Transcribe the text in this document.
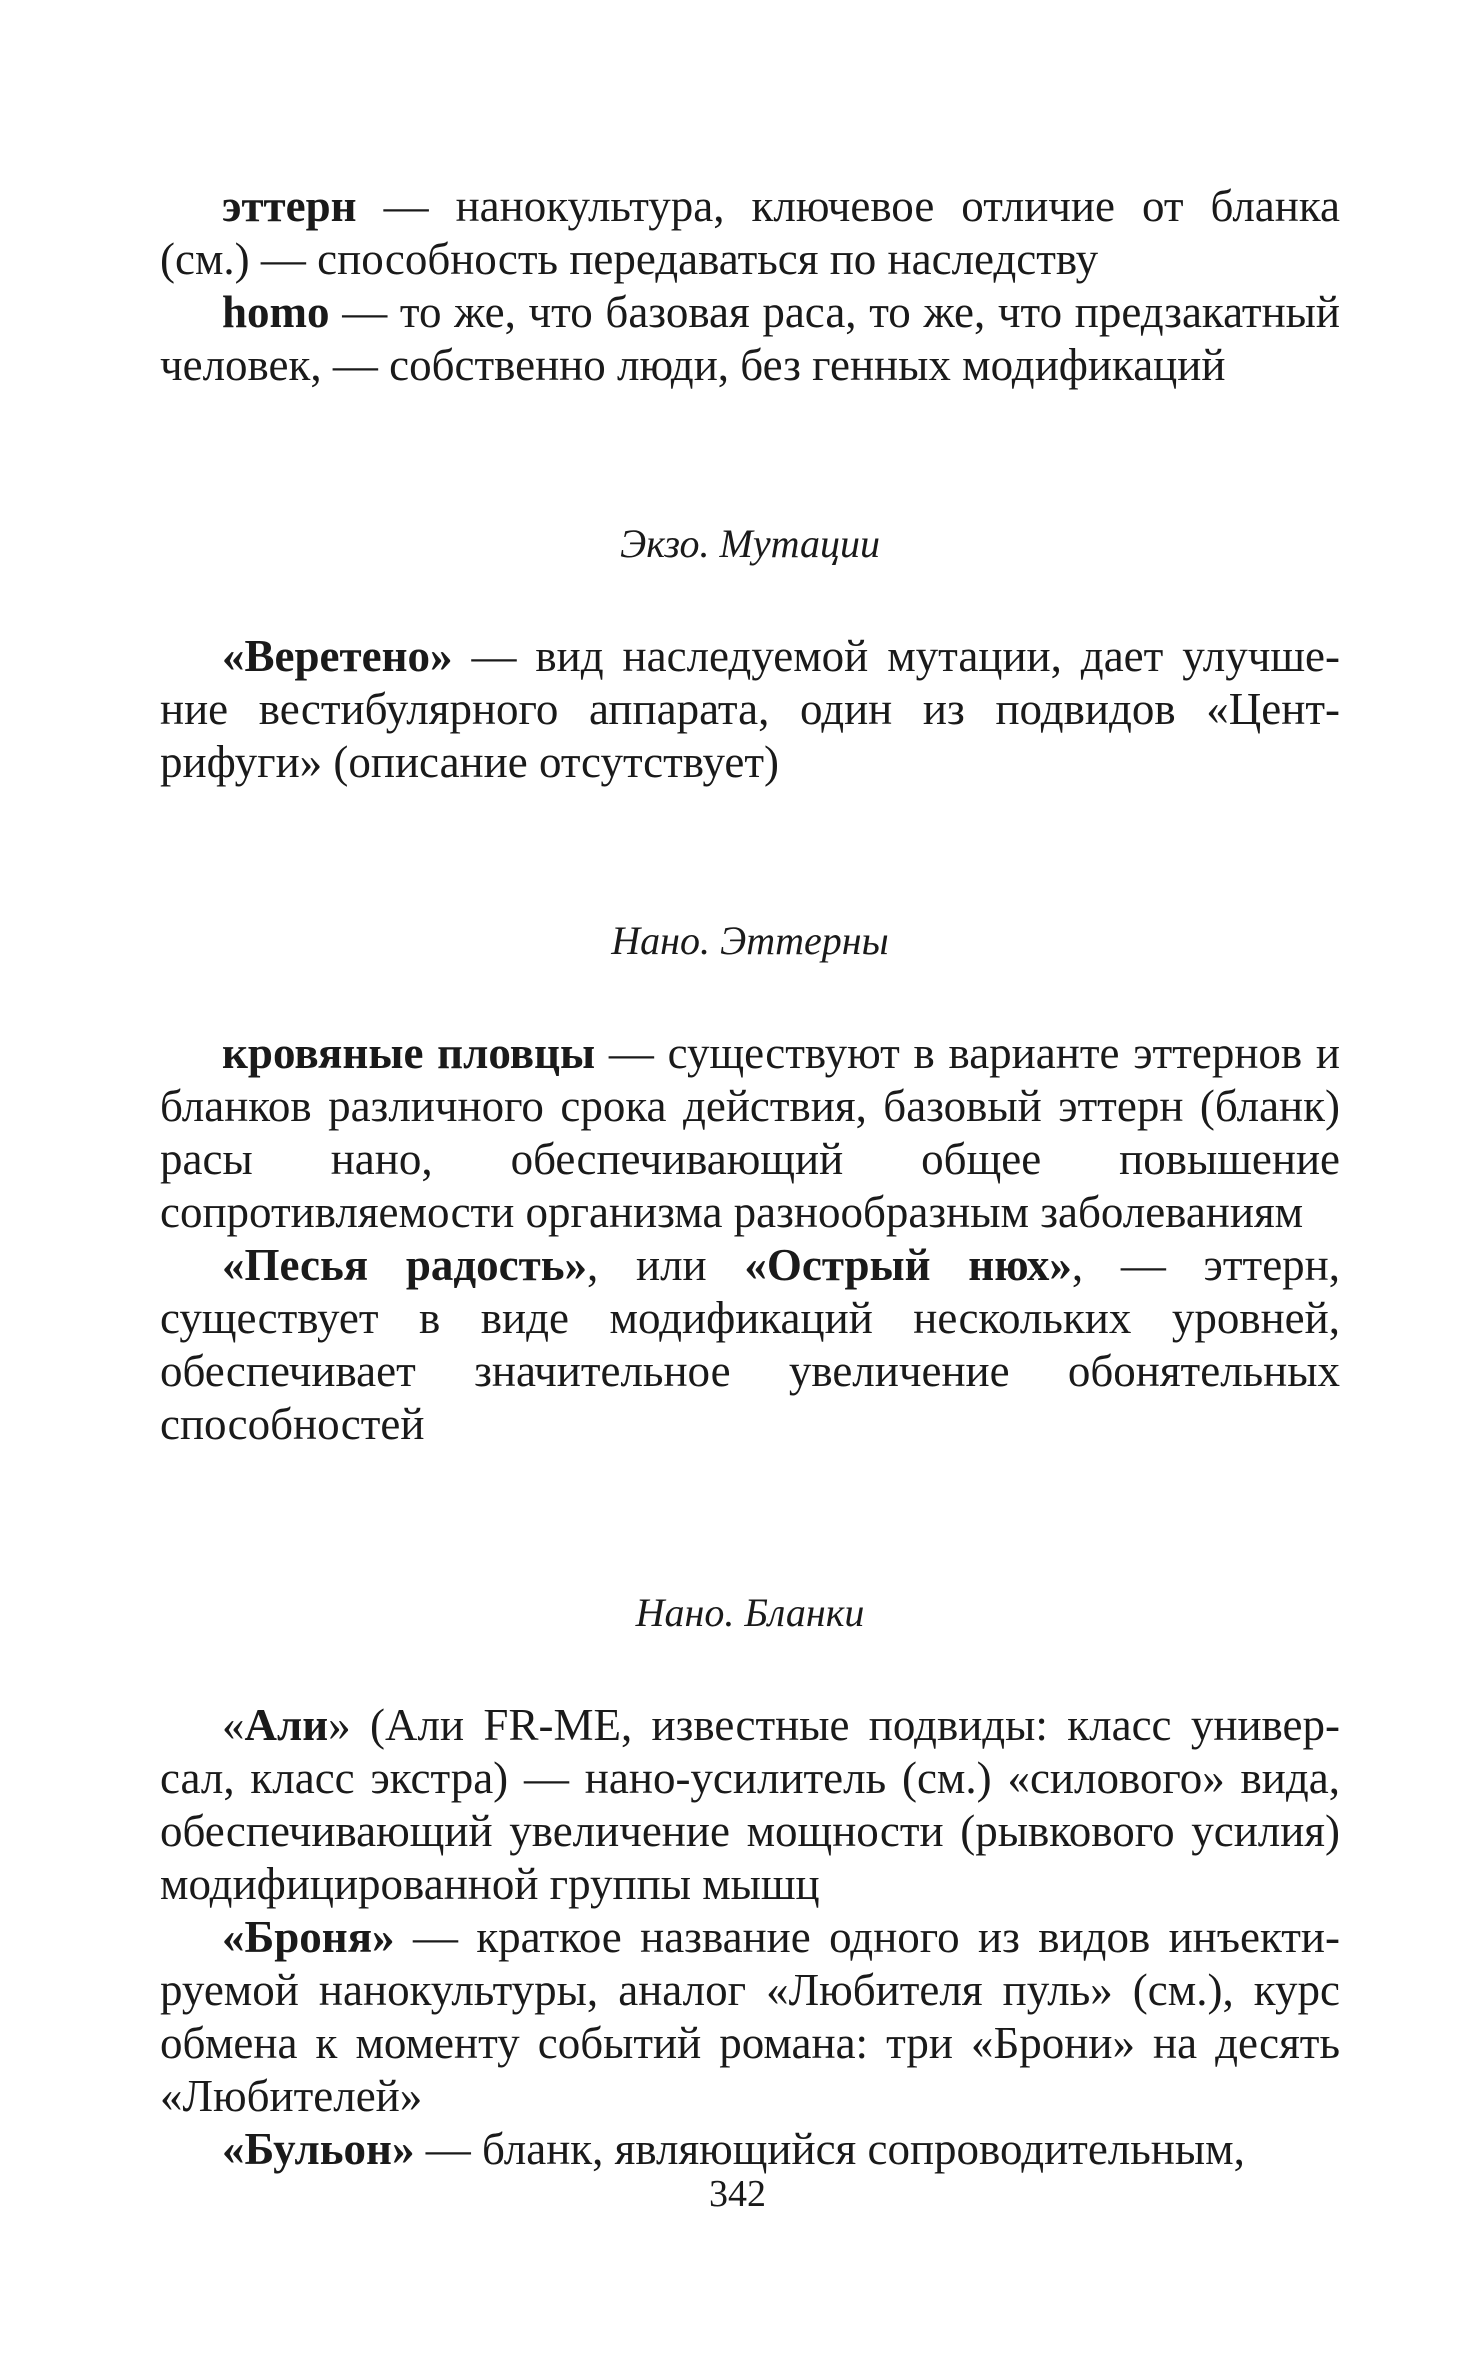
эттерн — нанокультура, ключевое отличие от бланка (см.) — способность передаваться по наследству

homo — то же, что базовая раса, то же, что предзакатный человек, — собственно люди, без генных модификаций

Экзо. Мутации

«Веретено» — вид наследуемой мутации, дает улучшение вестибулярного аппарата, один из подвидов «Центрифуги» (описание отсутствует)

Нано. Эттерны

кровяные пловцы — существуют в варианте эттернов и бланков различного срока действия, базовый эттерн (бланк) расы нано, обеспечивающий общее повышение сопротивляемости организма разнообразным заболеваниям

«Песья радость», или «Острый нюх», — эттерн, существует в виде модификаций нескольких уровней, обеспечивает значительное увеличение обонятельных способностей

Нано. Бланки

«Али» (Али FR-ME, известные подвиды: класс универсал, класс экстра) — нано-усилитель (см.) «силового» вида, обеспечивающий увеличение мощности (рывкового усилия) модифицированной группы мышц

«Броня» — краткое название одного из видов инъектируемой нанокультуры, аналог «Любителя пуль» (см.), курс обмена к моменту событий романа: три «Брони» на десять «Любителей»

«Бульон» — бланк, являющийся сопроводительным,

342
